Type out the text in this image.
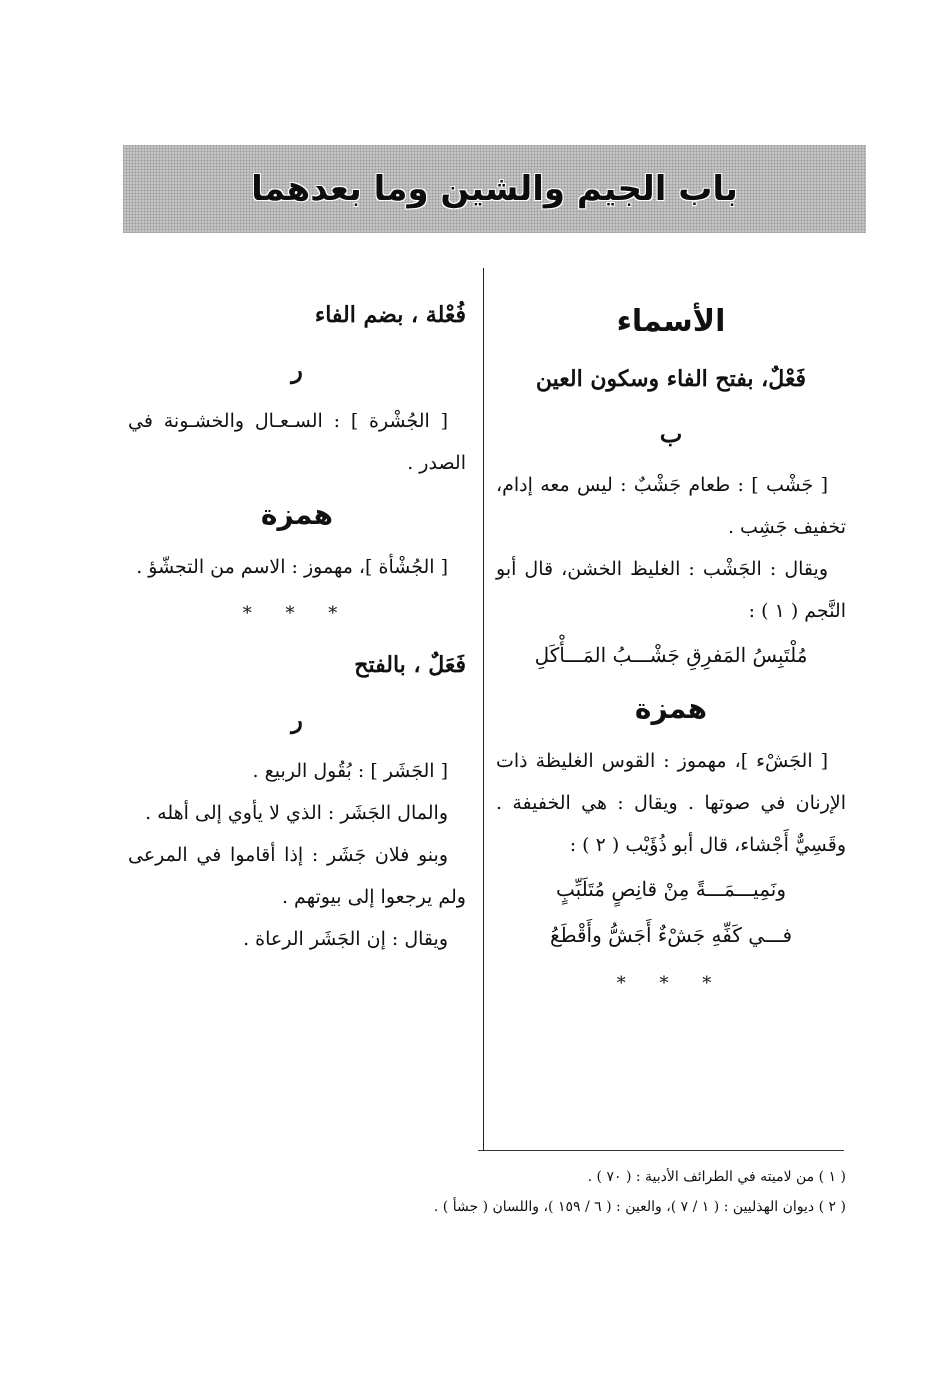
باب الجيم والشين وما بعدهما

الأسماء

فَعْلٌ، بفتح الفاء وسكون العين

ب

[ جَشْب ] : طعام جَشْبٌ : ليس معه إدام، تخفيف جَشِب .

ويقال : الجَشْب : الغليظ الخشن، قال أبو النَّجم ( ١ ) :

مُلْتَبِسُ المَفرِقِ جَشْـــبُ المَـــأْكَلِ

همزة

[ الجَشْء ]، مهموز : القوس الغليظة ذات الإرنان في صوتها . ويقال : هي الخفيفة . وقَسِيٌّ أَجْشاء، قال أبو ذُؤَيْب ( ٢ ) :

ونَمِيـــمَـــةً مِنْ قانِصٍ مُتَلَبِّبٍ

فـــي كَفِّهِ جَشْءٌ أَجَشُّ وأَقْطَعُ

* * *

فُعْلة ، بضم الفاء

ر

[ الجُشْرة ] : السـعـال والخشـونة في الصدر .

همزة

[ الجُشْأة ]، مهموز : الاسم من التجشّؤ .

* * *

فَعَلٌ ، بالفتح

ر

[ الجَشَر ] : بُقُول الربيع .

والمال الجَشَر : الذي لا يأوي إلى أهله .

وبنو فلان جَشَر : إذا أقاموا في المرعى ولم يرجعوا إلى بيوتهم .

ويقال : إن الجَشَر الرعاة .

( ١ ) من لاميته في الطرائف الأدبية : ( ٧٠ ) .

( ٢ ) ديوان الهذليين : ( ١ / ٧ )، والعين : ( ٦ / ١٥٩ )، واللسان ( جشأ ) .
